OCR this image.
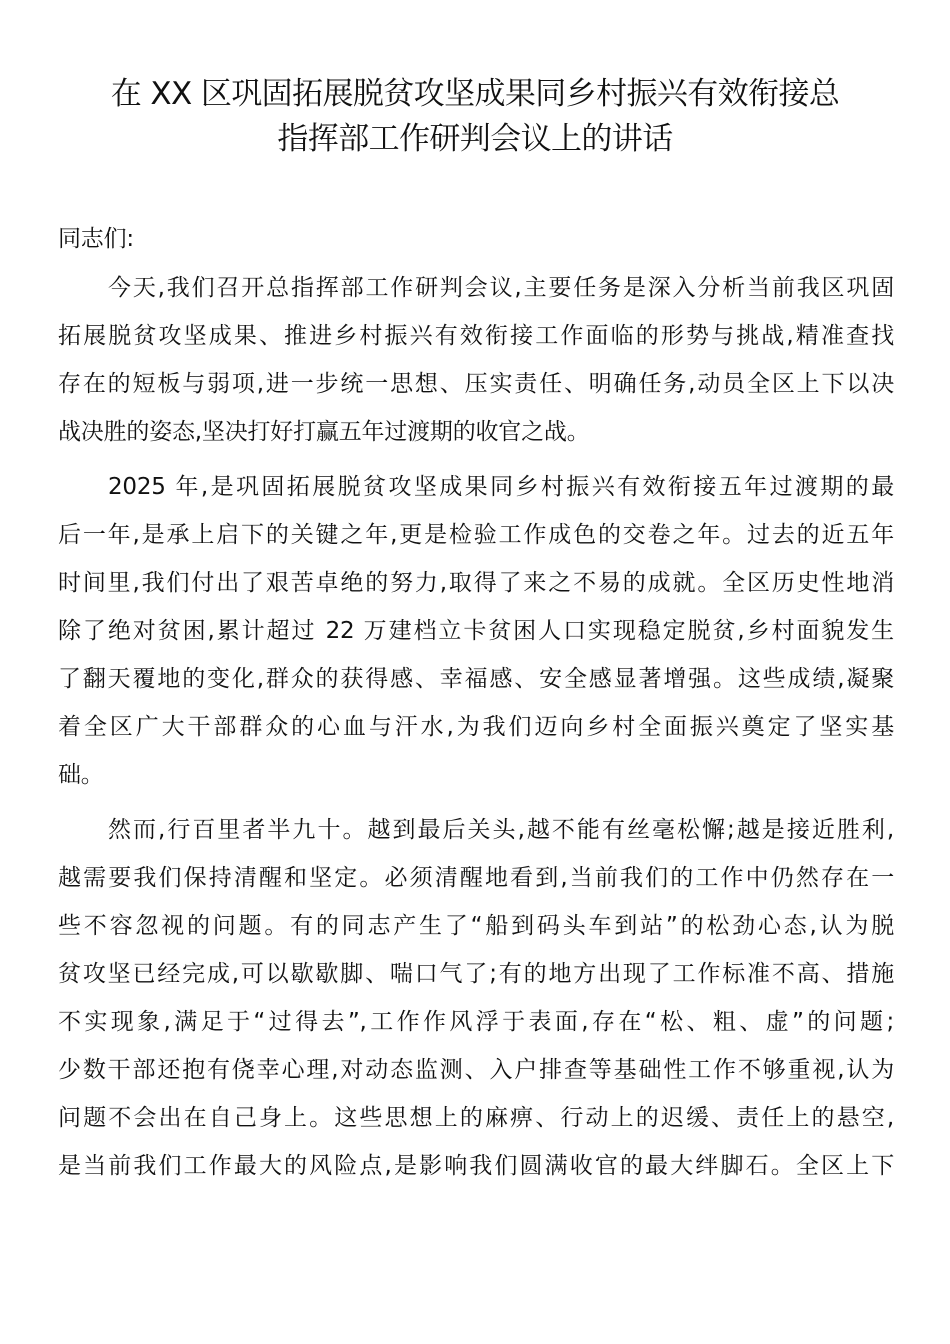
在 XX 区巩固拓展脱贫攻坚成果同乡村振兴有效衔接总
指挥部工作研判会议上的讲话
同志们:
今天,我们召开总指挥部工作研判会议,主要任务是深入分析当前我区巩固
拓展脱贫攻坚成果、推进乡村振兴有效衔接工作面临的形势与挑战,精准查找
存在的短板与弱项,进一步统一思想、压实责任、明确任务,动员全区上下以决
战决胜的姿态,坚决打好打赢五年过渡期的收官之战。
2025 年,是巩固拓展脱贫攻坚成果同乡村振兴有效衔接五年过渡期的最
后一年,是承上启下的关键之年,更是检验工作成色的交卷之年。过去的近五年
时间里,我们付出了艰苦卓绝的努力,取得了来之不易的成就。全区历史性地消
除了绝对贫困,累计超过 22 万建档立卡贫困人口实现稳定脱贫,乡村面貌发生
了翻天覆地的变化,群众的获得感、幸福感、安全感显著增强。这些成绩,凝聚
着全区广大干部群众的心血与汗水,为我们迈向乡村全面振兴奠定了坚实基
础。
然而,行百里者半九十。越到最后关头,越不能有丝毫松懈;越是接近胜利,
越需要我们保持清醒和坚定。必须清醒地看到,当前我们的工作中仍然存在一
些不容忽视的问题。有的同志产生了“船到码头车到站”的松劲心态,认为脱
贫攻坚已经完成,可以歇歇脚、喘口气了;有的地方出现了工作标准不高、措施
不实现象,满足于“过得去”,工作作风浮于表面,存在“松、粗、虚”的问题;
少数干部还抱有侥幸心理,对动态监测、入户排查等基础性工作不够重视,认为
问题不会出在自己身上。这些思想上的麻痹、行动上的迟缓、责任上的悬空,
是当前我们工作最大的风险点,是影响我们圆满收官的最大绊脚石。全区上下
